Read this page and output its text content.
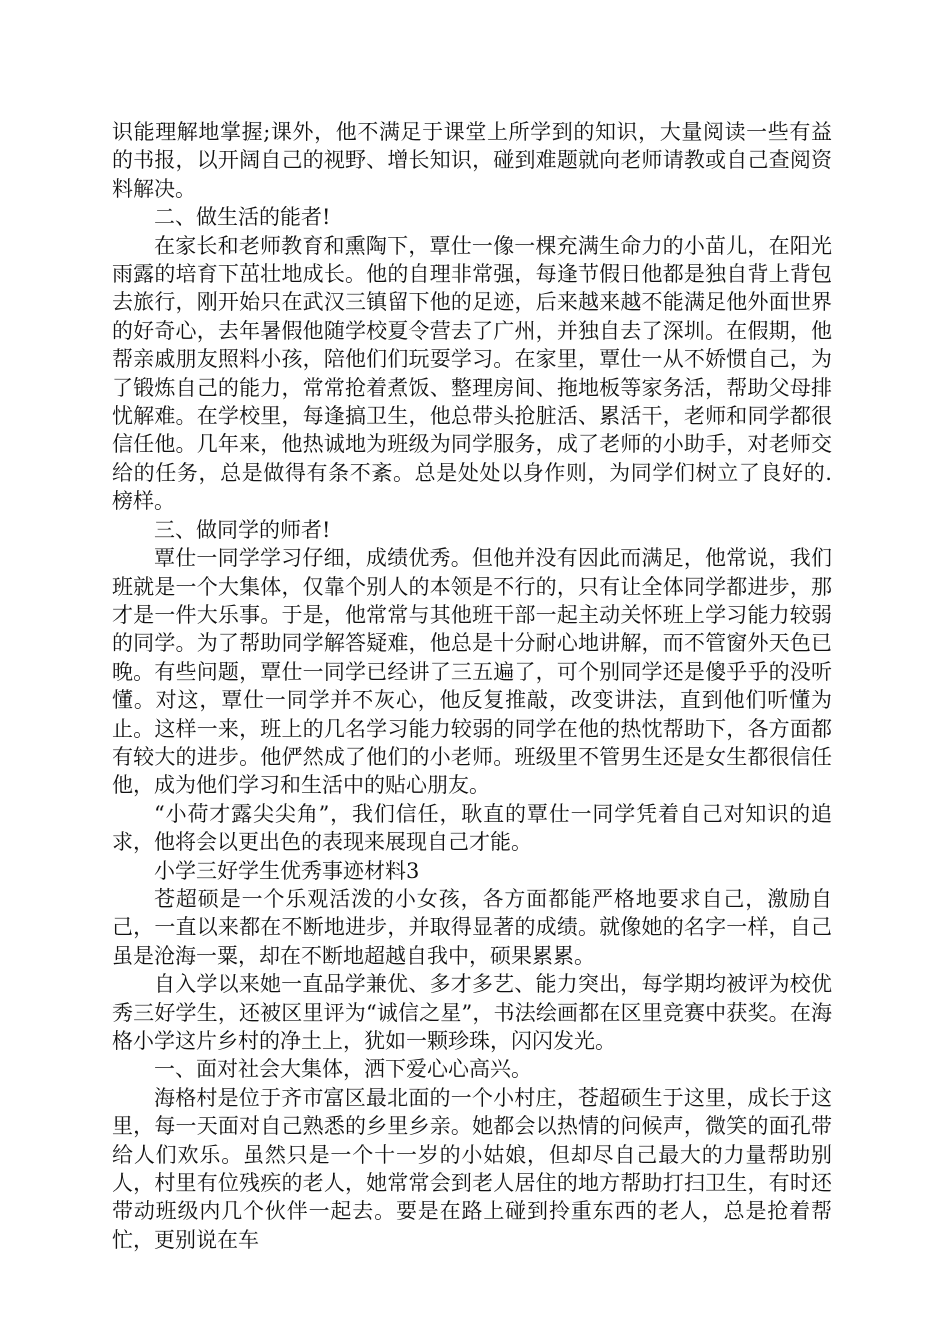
识能理解地掌握;课外，他不满足于课堂上所学到的知识，大量阅读一些有益的书报，以开阔自己的视野、增长知识，碰到难题就向老师请教或自己查阅资料解决。

二、做生活的能者!

在家长和老师教育和熏陶下，覃仕一像一棵充满生命力的小苗儿，在阳光雨露的培育下茁壮地成长。他的自理非常强，每逢节假日他都是独自背上背包去旅行，刚开始只在武汉三镇留下他的足迹，后来越来越不能满足他外面世界的好奇心，去年暑假他随学校夏令营去了广州，并独自去了深圳。在假期，他帮亲戚朋友照料小孩，陪他们们玩耍学习。在家里，覃仕一从不娇惯自己，为了锻炼自己的能力，常常抢着煮饭、整理房间、拖地板等家务活，帮助父母排忧解难。在学校里，每逢搞卫生，他总带头抢脏活、累活干，老师和同学都很信任他。几年来，他热诚地为班级为同学服务，成了老师的小助手，对老师交给的任务，总是做得有条不紊。总是处处以身作则，为同学们树立了良好的.榜样。

三、做同学的师者!

覃仕一同学学习仔细，成绩优秀。但他并没有因此而满足，他常说，我们班就是一个大集体，仅靠个别人的本领是不行的，只有让全体同学都进步，那才是一件大乐事。于是，他常常与其他班干部一起主动关怀班上学习能力较弱的同学。为了帮助同学解答疑难，他总是十分耐心地讲解，而不管窗外天色已晚。有些问题，覃仕一同学已经讲了三五遍了，可个别同学还是傻乎乎的没听懂。对这，覃仕一同学并不灰心，他反复推敲，改变讲法，直到他们听懂为止。这样一来，班上的几名学习能力较弱的同学在他的热忱帮助下，各方面都有较大的进步。他俨然成了他们的小老师。班级里不管男生还是女生都很信任他，成为他们学习和生活中的贴心朋友。

“小荷才露尖尖角”，我们信任，耿直的覃仕一同学凭着自己对知识的追求，他将会以更出色的表现来展现自己才能。

小学三好学生优秀事迹材料3

苍超硕是一个乐观活泼的小女孩，各方面都能严格地要求自己，激励自己，一直以来都在不断地进步，并取得显著的成绩。就像她的名字一样，自己虽是沧海一粟，却在不断地超越自我中，硕果累累。

自入学以来她一直品学兼优、多才多艺、能力突出，每学期均被评为校优秀三好学生，还被区里评为“诚信之星”，书法绘画都在区里竞赛中获奖。在海格小学这片乡村的净土上，犹如一颗珍珠，闪闪发光。

一、面对社会大集体，洒下爱心心高兴。

海格村是位于齐市富区最北面的一个小村庄，苍超硕生于这里，成长于这里，每一天面对自己熟悉的乡里乡亲。她都会以热情的问候声，微笑的面孔带给人们欢乐。虽然只是一个十一岁的小姑娘，但却尽自己最大的力量帮助别人，村里有位残疾的老人，她常常会到老人居住的地方帮助打扫卫生，有时还带动班级内几个伙伴一起去。要是在路上碰到拎重东西的老人，总是抢着帮忙，更别说在车
